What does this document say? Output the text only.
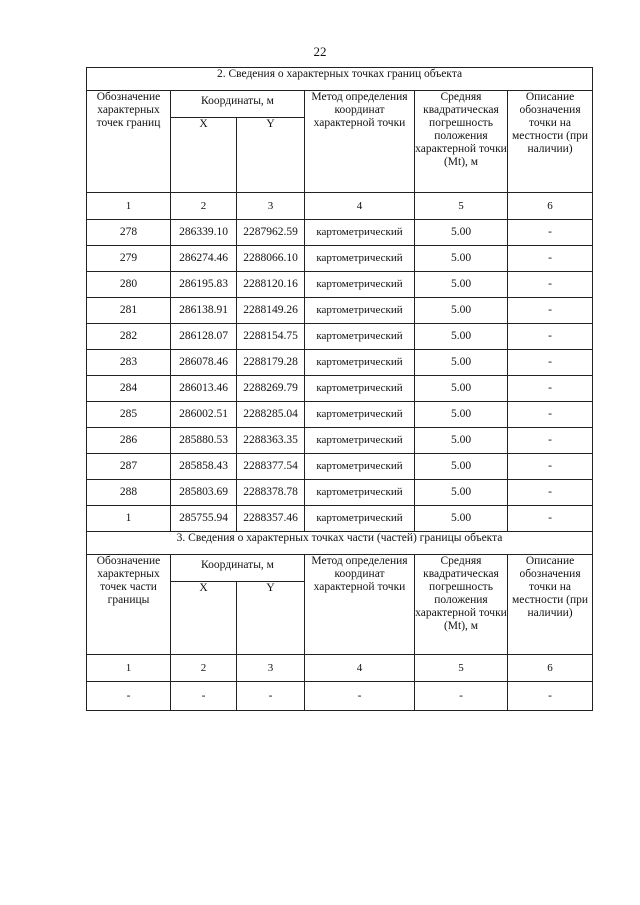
22
2. Сведения о характерных точках границ объекта					
Обозначение характерных точек границ	Координаты, м		Метод определения координат характерной точки	Средняя квадратическая погрешность положения характерной точки (Mt), м	Описание обозначения точки на местности (при наличии)
	X	Y			
1	2	3	4	5	6
278	286339.10	2287962.59	картометрический	5.00	-
279	286274.46	2288066.10	картометрический	5.00	-
280	286195.83	2288120.16	картометрический	5.00	-
281	286138.91	2288149.26	картометрический	5.00	-
282	286128.07	2288154.75	картометрический	5.00	-
283	286078.46	2288179.28	картометрический	5.00	-
284	286013.46	2288269.79	картометрический	5.00	-
285	286002.51	2288285.04	картометрический	5.00	-
286	285880.53	2288363.35	картометрический	5.00	-
287	285858.43	2288377.54	картометрический	5.00	-
288	285803.69	2288378.78	картометрический	5.00	-
1	285755.94	2288357.46	картометрический	5.00	-
3. Сведения о характерных точках части (частей) границы объекта					
Обозначение характерных точек части границы	Координаты, м		Метод определения координат характерной точки	Средняя квадратическая погрешность положения характерной точки (Mt), м	Описание обозначения точки на местности (при наличии)
	X	Y			
1	2	3	4	5	6
-	-	-	-	-	-
